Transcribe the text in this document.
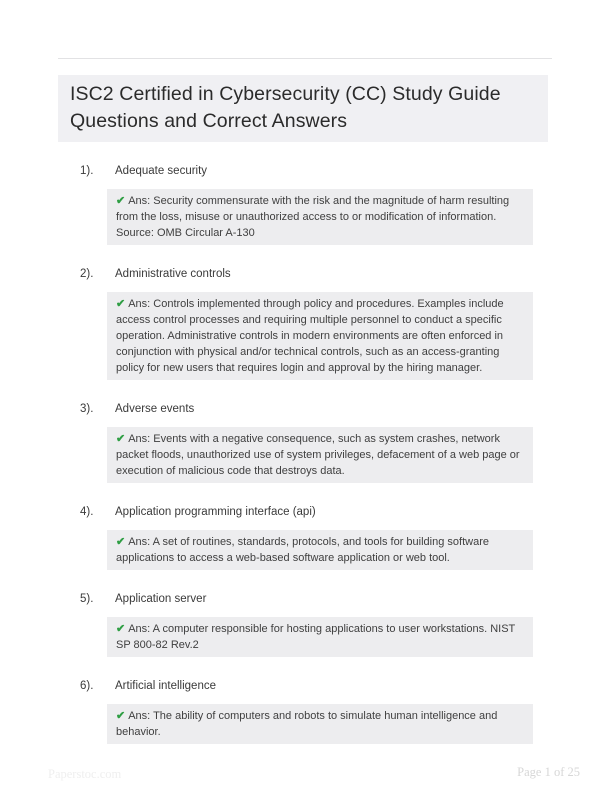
ISC2 Certified in Cybersecurity (CC) Study Guide Questions and Correct Answers
1). Adequate security
✔ Ans: Security commensurate with the risk and the magnitude of harm resulting from the loss, misuse or unauthorized access to or modification of information. Source: OMB Circular A-130
2). Administrative controls
✔ Ans: Controls implemented through policy and procedures. Examples include access control processes and requiring multiple personnel to conduct a specific operation. Administrative controls in modern environments are often enforced in conjunction with physical and/or technical controls, such as an access-granting policy for new users that requires login and approval by the hiring manager.
3). Adverse events
✔ Ans: Events with a negative consequence, such as system crashes, network packet floods, unauthorized use of system privileges, defacement of a web page or execution of malicious code that destroys data.
4). Application programming interface (api)
✔ Ans: A set of routines, standards, protocols, and tools for building software applications to access a web-based software application or web tool.
5). Application server
✔ Ans: A computer responsible for hosting applications to user workstations. NIST SP 800-82 Rev.2
6). Artificial intelligence
✔ Ans: The ability of computers and robots to simulate human intelligence and behavior.
Paperstoc.com	Page 1 of 25
